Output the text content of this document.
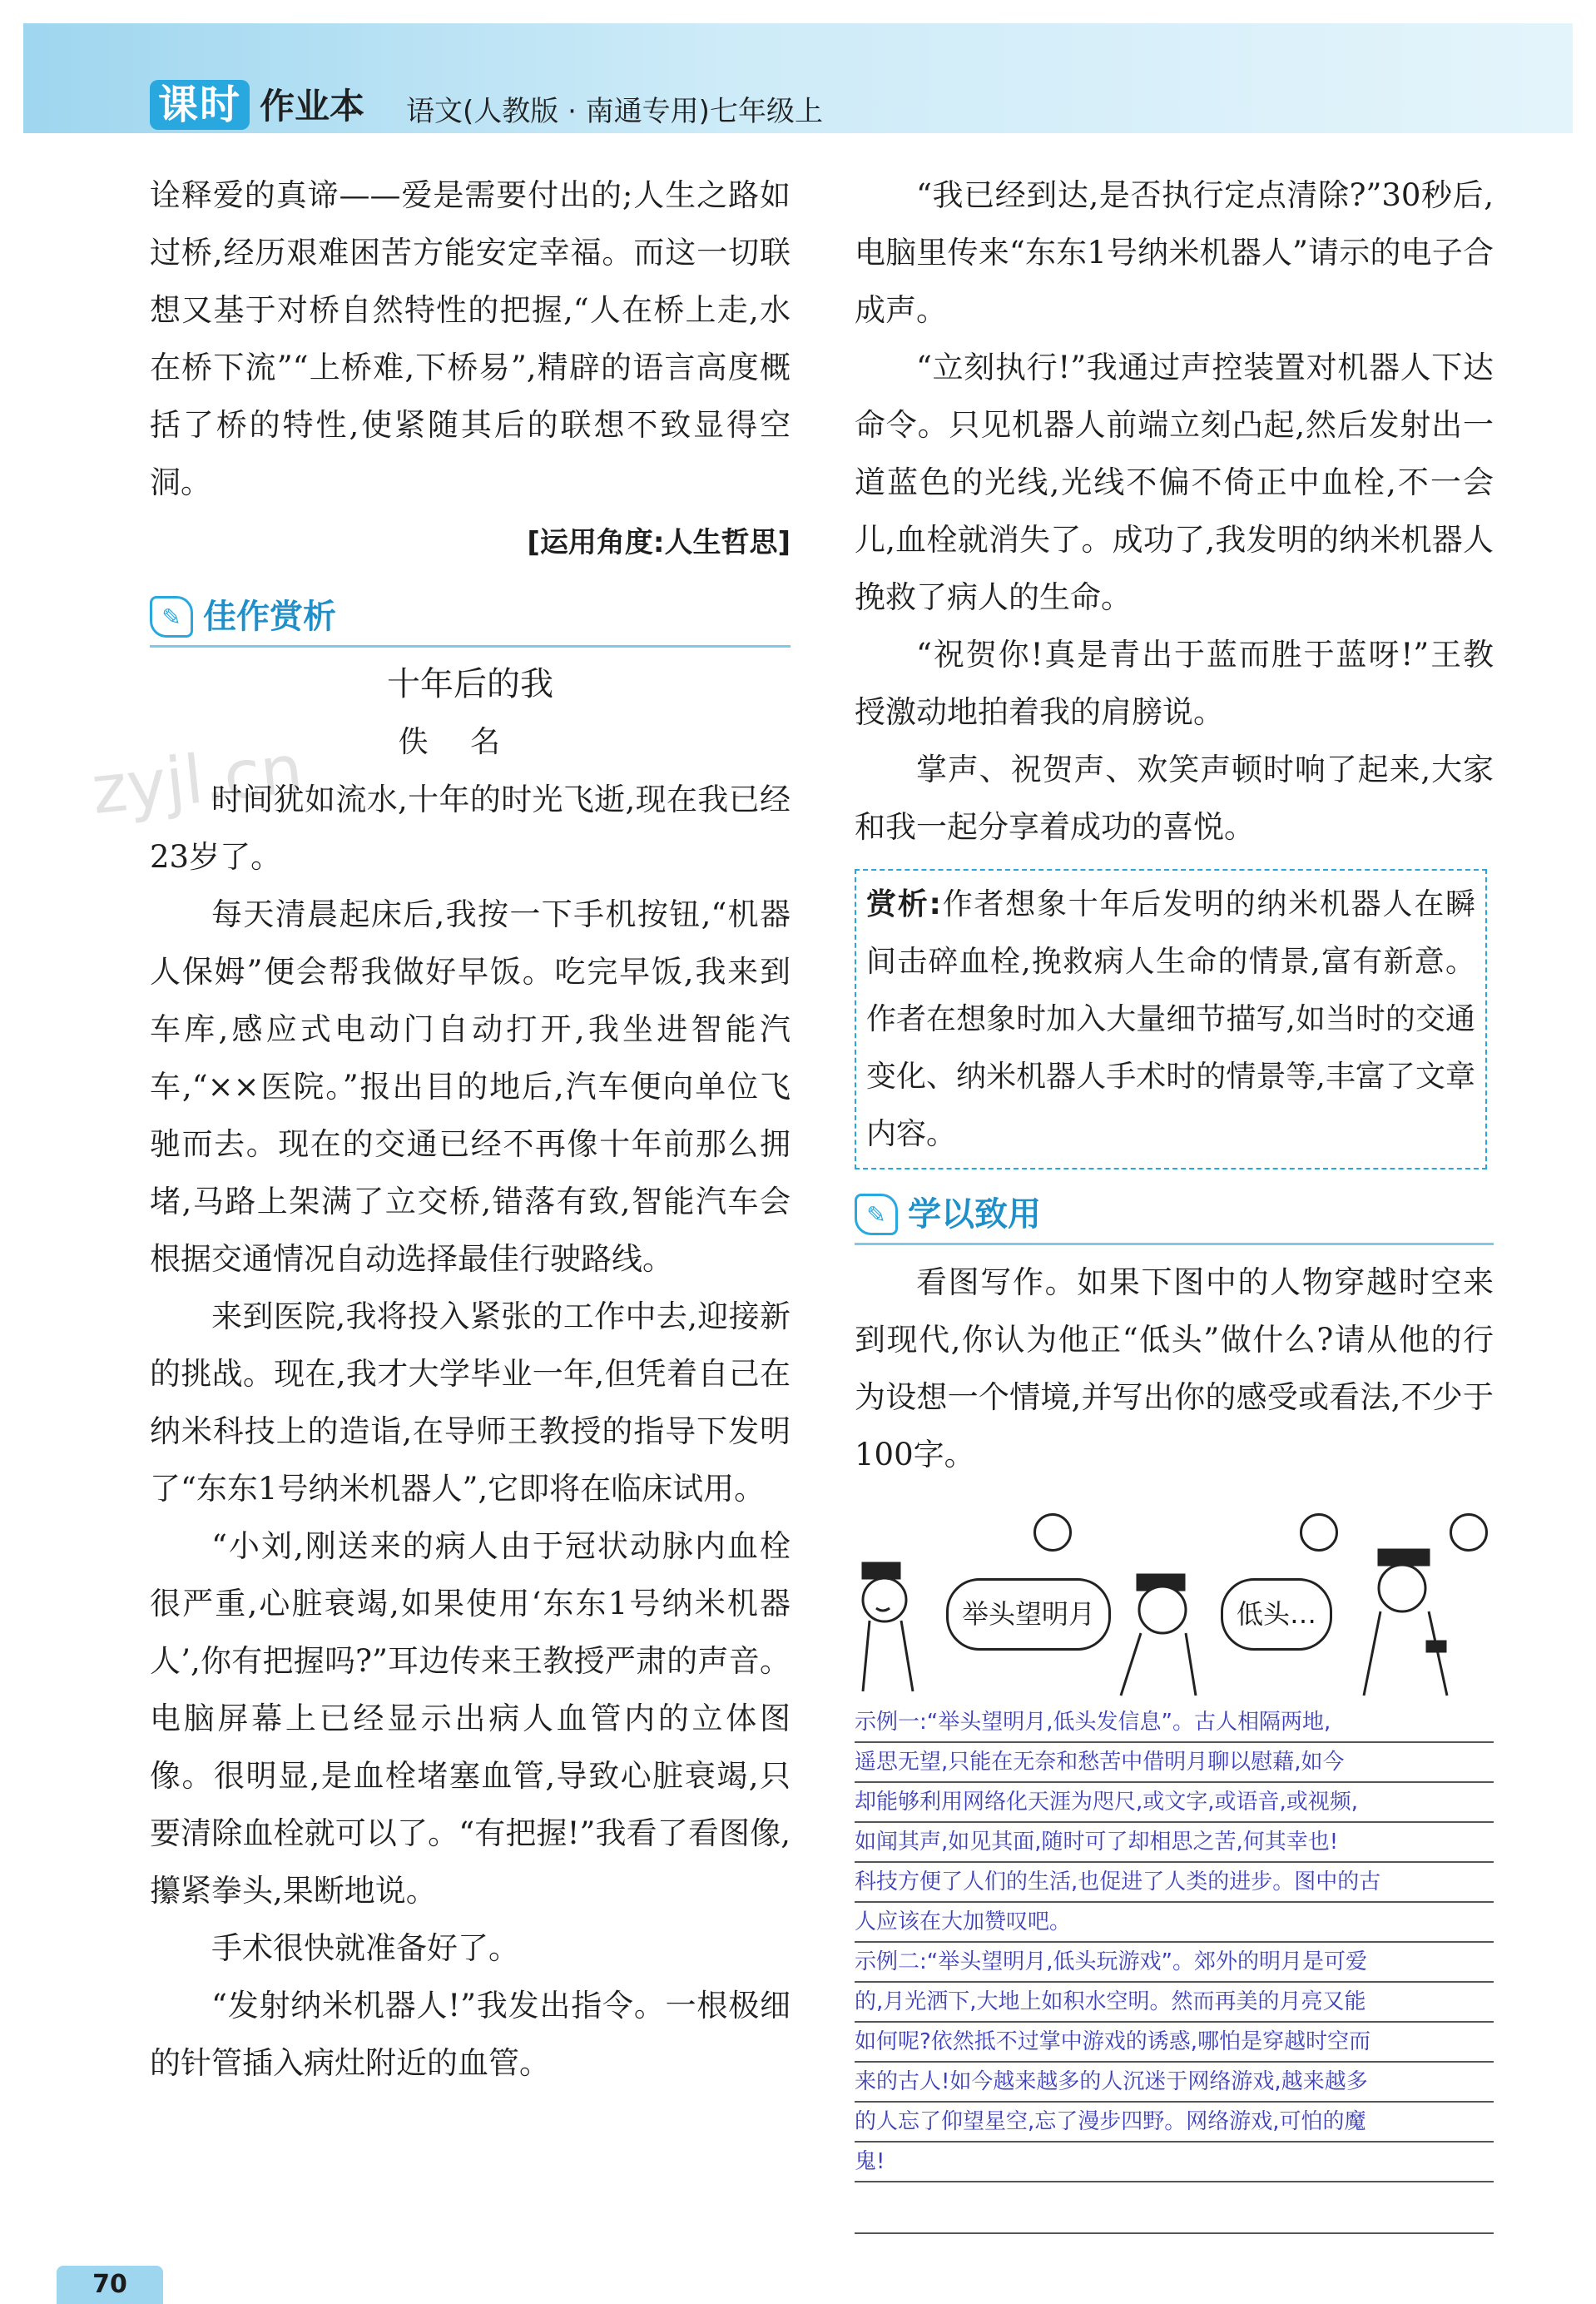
课时 作业本 语文(人教版 · 南通专用)七年级上
zyjl.cn

诠释爱的真谛——爱是需要付出的;人生之路如过桥,经历艰难困苦方能安定幸福。而这一切联想又基于对桥自然特性的把握,“人在桥上走,水在桥下流”“上桥难,下桥易”,精辟的语言高度概括了桥的特性,使紧随其后的联想不致显得空洞。

[运用角度:人生哲思]
✎ 佳作赏析
十年后的我
佚名

时间犹如流水,十年的时光飞逝,现在我已经23岁了。

每天清晨起床后,我按一下手机按钮,“机器人保姆”便会帮我做好早饭。吃完早饭,我来到车库,感应式电动门自动打开,我坐进智能汽车,“××医院。”报出目的地后,汽车便向单位飞驰而去。现在的交通已经不再像十年前那么拥堵,马路上架满了立交桥,错落有致,智能汽车会根据交通情况自动选择最佳行驶路线。

来到医院,我将投入紧张的工作中去,迎接新的挑战。现在,我才大学毕业一年,但凭着自己在纳米科技上的造诣,在导师王教授的指导下发明了“东东1号纳米机器人”,它即将在临床试用。

“小刘,刚送来的病人由于冠状动脉内血栓很严重,心脏衰竭,如果使用‘东东1号纳米机器人’,你有把握吗?”耳边传来王教授严肃的声音。电脑屏幕上已经显示出病人血管内的立体图像。很明显,是血栓堵塞血管,导致心脏衰竭,只要清除血栓就可以了。“有把握!”我看了看图像,攥紧拳头,果断地说。

手术很快就准备好了。

“发射纳米机器人!”我发出指令。一根极细的针管插入病灶附近的血管。

“我已经到达,是否执行定点清除?”30秒后,电脑里传来“东东1号纳米机器人”请示的电子合成声。

“立刻执行!”我通过声控装置对机器人下达命令。只见机器人前端立刻凸起,然后发射出一道蓝色的光线,光线不偏不倚正中血栓,不一会儿,血栓就消失了。成功了,我发明的纳米机器人挽救了病人的生命。

“祝贺你!真是青出于蓝而胜于蓝呀!”王教授激动地拍着我的肩膀说。

掌声、祝贺声、欢笑声顿时响了起来,大家和我一起分享着成功的喜悦。

赏析:作者想象十年后发明的纳米机器人在瞬间击碎血栓,挽救病人生命的情景,富有新意。作者在想象时加入大量细节描写,如当时的交通变化、纳米机器人手术时的情景等,丰富了文章内容。
✎ 学以致用

看图写作。如果下图中的人物穿越时空来到现代,你认为他正“低头”做什么?请从他的行为设想一个情境,并写出你的感受或看法,不少于100字。

举头望明月	低头…
示例一:“举头望明月,低头发信息”。古人相隔两地,
遥思无望,只能在无奈和愁苦中借明月聊以慰藉,如今
却能够利用网络化天涯为咫尺,或文字,或语音,或视频,
如闻其声,如见其面,随时可了却相思之苦,何其幸也!
科技方便了人们的生活,也促进了人类的进步。图中的古
人应该在大加赞叹吧。
示例二:“举头望明月,低头玩游戏”。郊外的明月是可爱
的,月光洒下,大地上如积水空明。然而再美的月亮又能
如何呢?依然抵不过掌中游戏的诱惑,哪怕是穿越时空而
来的古人!如今越来越多的人沉迷于网络游戏,越来越多
的人忘了仰望星空,忘了漫步四野。网络游戏,可怕的魔
鬼!
70
